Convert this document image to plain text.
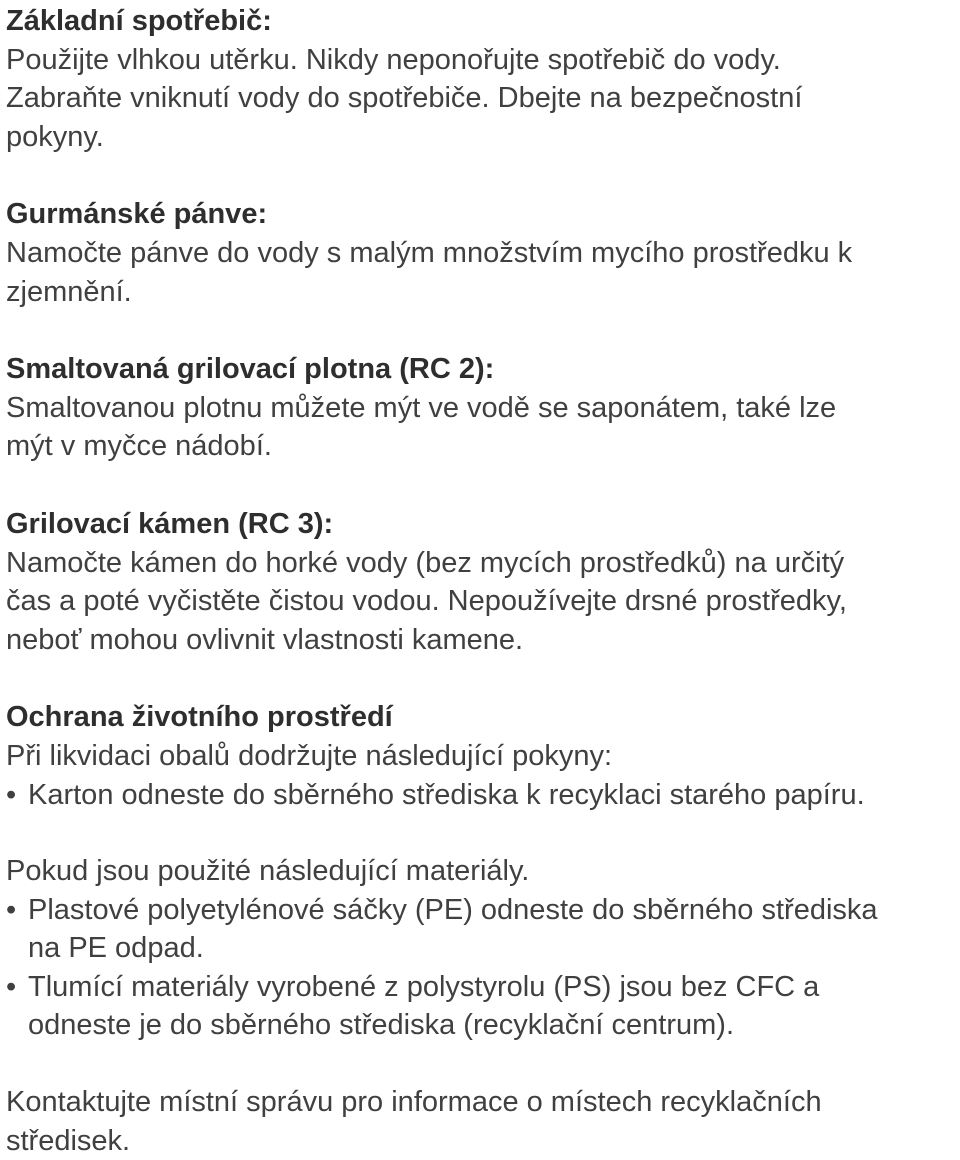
Základní spotřebič:
Použijte vlhkou utěrku. Nikdy neponořujte spotřebič do vody.
Zabraňte vniknutí vody do spotřebiče. Dbejte na bezpečnostní
pokyny.
Gurmánské pánve:
Namočte pánve do vody s malým množstvím mycího prostředku k
zjemnění.
Smaltovaná grilovací plotna (RC 2):
Smaltovanou plotnu můžete mýt ve vodě se saponátem, také lze
mýt v myčce nádobí.
Grilovací kámen (RC 3):
Namočte kámen do horké vody (bez mycích prostředků) na určitý
čas a poté vyčistěte čistou vodou. Nepoužívejte drsné prostředky,
neboť mohou ovlivnit vlastnosti kamene.
Ochrana životního prostředí
Při likvidaci obalů dodržujte následující pokyny:
• Karton odneste do sběrného střediska k recyklaci starého papíru.
Pokud jsou použité následující materiály.
• Plastové polyetylénové sáčky (PE) odneste do sběrného střediska
na PE odpad.
• Tlumící materiály vyrobené z polystyrolu (PS) jsou bez CFC a
odneste je do sběrného střediska (recyklační centrum).
Kontaktujte místní správu pro informace o místech recyklačních
středisek.
